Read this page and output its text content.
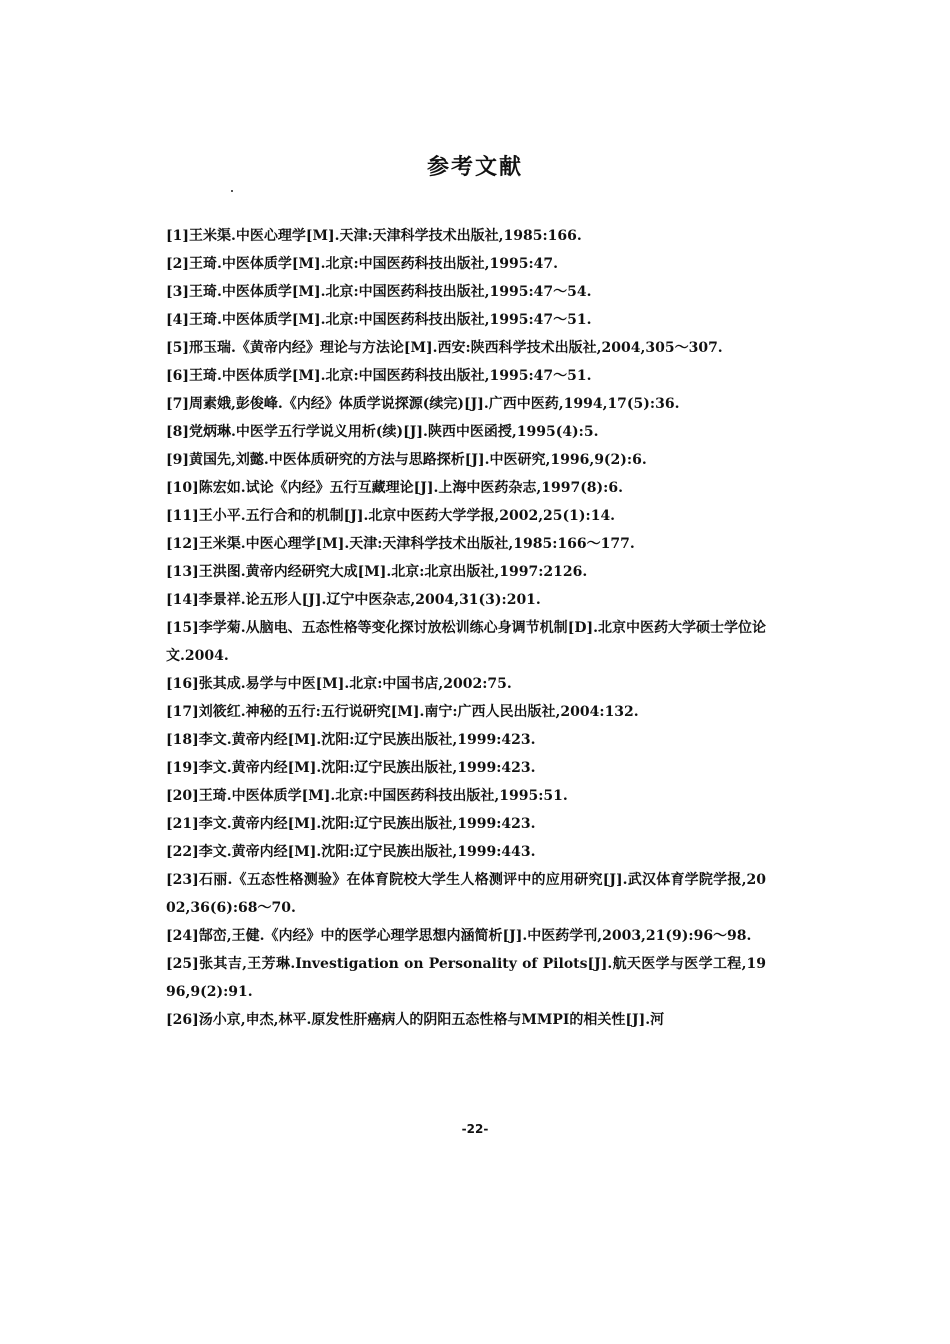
参考文献
[1]王米渠.中医心理学[M].天津:天津科学技术出版社,1985:166.
[2]王琦.中医体质学[M].北京:中国医药科技出版社,1995:47.
[3]王琦.中医体质学[M].北京:中国医药科技出版社,1995:47～54.
[4]王琦.中医体质学[M].北京:中国医药科技出版社,1995:47～51.
[5]邢玉瑞.《黄帝内经》理论与方法论[M].西安:陕西科学技术出版社,2004,305～307.
[6]王琦.中医体质学[M].北京:中国医药科技出版社,1995:47～51.
[7]周素娥,彭俊峰.《内经》体质学说探源(续完)[J].广西中医药,1994,17(5):36.
[8]党炳琳.中医学五行学说义用析(续)[J].陕西中医函授,1995(4):5.
[9]黄国先,刘懿.中医体质研究的方法与思路探析[J].中医研究,1996,9(2):6.
[10]陈宏如.试论《内经》五行互藏理论[J].上海中医药杂志,1997(8):6.
[11]王小平.五行合和的机制[J].北京中医药大学学报,2002,25(1):14.
[12]王米渠.中医心理学[M].天津:天津科学技术出版社,1985:166～177.
[13]王洪图.黄帝内经研究大成[M].北京:北京出版社,1997:2126.
[14]李景祥.论五形人[J].辽宁中医杂志,2004,31(3):201.
[15]李学菊.从脑电、五态性格等变化探讨放松训练心身调节机制[D].北京中医药大学硕士学位论文.2004.
[16]张其成.易学与中医[M].北京:中国书店,2002:75.
[17]刘筱红.神秘的五行:五行说研究[M].南宁:广西人民出版社,2004:132.
[18]李文.黄帝内经[M].沈阳:辽宁民族出版社,1999:423.
[19]李文.黄帝内经[M].沈阳:辽宁民族出版社,1999:423.
[20]王琦.中医体质学[M].北京:中国医药科技出版社,1995:51.
[21]李文.黄帝内经[M].沈阳:辽宁民族出版社,1999:423.
[22]李文.黄帝内经[M].沈阳:辽宁民族出版社,1999:443.
[23]石丽.《五态性格测验》在体育院校大学生人格测评中的应用研究[J].武汉体育学院学报,2002,36(6):68～70.
[24]郜峦,王健.《内经》中的医学心理学思想内涵简析[J].中医药学刊,2003,21(9):96～98.
[25]张其吉,王芳琳.Investigation on Personality of Pilots[J].航天医学与医学工程,1996,9(2):91.
[26]汤小京,申杰,林平.原发性肝癌病人的阴阳五态性格与MMPI的相关性[J].河
-22-
